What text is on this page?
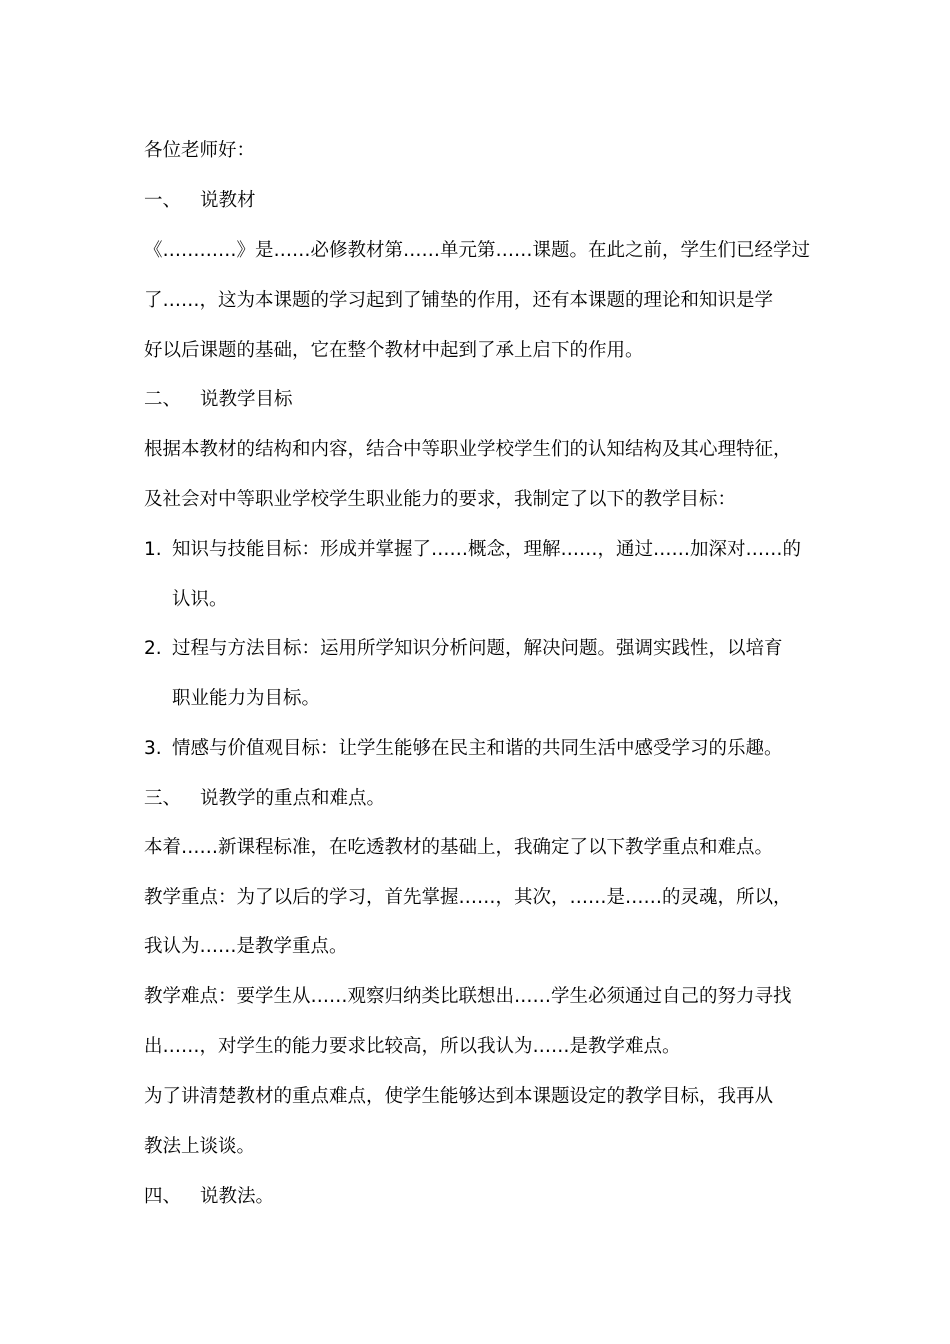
各位老师好：
一、 说教材
《…………》是……必修教材第……单元第……课题。在此之前，学生们已经学过
了……，这为本课题的学习起到了铺垫的作用，还有本课题的理论和知识是学
好以后课题的基础，它在整个教材中起到了承上启下的作用。
二、 说教学目标
根据本教材的结构和内容，结合中等职业学校学生们的认知结构及其心理特征，
及社会对中等职业学校学生职业能力的要求，我制定了以下的教学目标：
1. 知识与技能目标：形成并掌握了……概念，理解……，通过……加深对……的
认识。
2. 过程与方法目标：运用所学知识分析问题，解决问题。强调实践性，以培育
职业能力为目标。
3. 情感与价值观目标：让学生能够在民主和谐的共同生活中感受学习的乐趣。
三、 说教学的重点和难点。
本着……新课程标准，在吃透教材的基础上，我确定了以下教学重点和难点。
教学重点：为了以后的学习，首先掌握……，其次，……是……的灵魂，所以，
我认为……是教学重点。
教学难点：要学生从……观察归纳类比联想出……学生必须通过自己的努力寻找
出……，对学生的能力要求比较高，所以我认为……是教学难点。
为了讲清楚教材的重点难点，使学生能够达到本课题设定的教学目标，我再从
教法上谈谈。
四、 说教法。
